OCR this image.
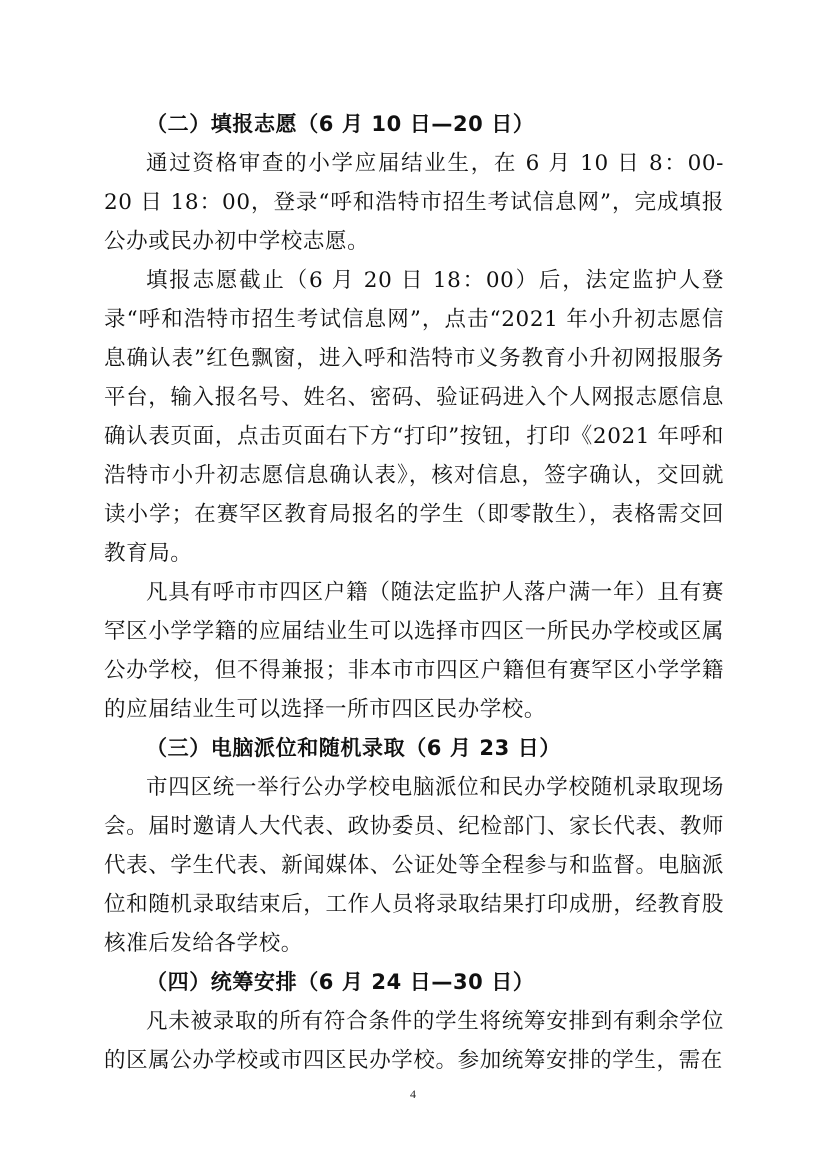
（二）填报志愿（6 月 10 日—20 日）

通过资格审查的小学应届结业生，在 6 月 10 日 8：00-20 日 18：00，登录“呼和浩特市招生考试信息网”，完成填报公办或民办初中学校志愿。

填报志愿截止（6 月 20 日 18：00）后，法定监护人登录“呼和浩特市招生考试信息网”，点击“2021 年小升初志愿信息确认表”红色飘窗，进入呼和浩特市义务教育小升初网报服务平台，输入报名号、姓名、密码、验证码进入个人网报志愿信息确认表页面，点击页面右下方“打印”按钮，打印《2021 年呼和浩特市小升初志愿信息确认表》，核对信息，签字确认，交回就读小学；在赛罕区教育局报名的学生（即零散生），表格需交回教育局。

凡具有呼市市四区户籍（随法定监护人落户满一年）且有赛罕区小学学籍的应届结业生可以选择市四区一所民办学校或区属公办学校，但不得兼报；非本市市四区户籍但有赛罕区小学学籍的应届结业生可以选择一所市四区民办学校。

（三）电脑派位和随机录取（6 月 23 日）

市四区统一举行公办学校电脑派位和民办学校随机录取现场会。届时邀请人大代表、政协委员、纪检部门、家长代表、教师代表、学生代表、新闻媒体、公证处等全程参与和监督。电脑派位和随机录取结束后，工作人员将录取结果打印成册，经教育股核准后发给各学校。

（四）统筹安排（6 月 24 日—30 日）

凡未被录取的所有符合条件的学生将统筹安排到有剩余学位的区属公办学校或市四区民办学校。参加统筹安排的学生，需在

4
